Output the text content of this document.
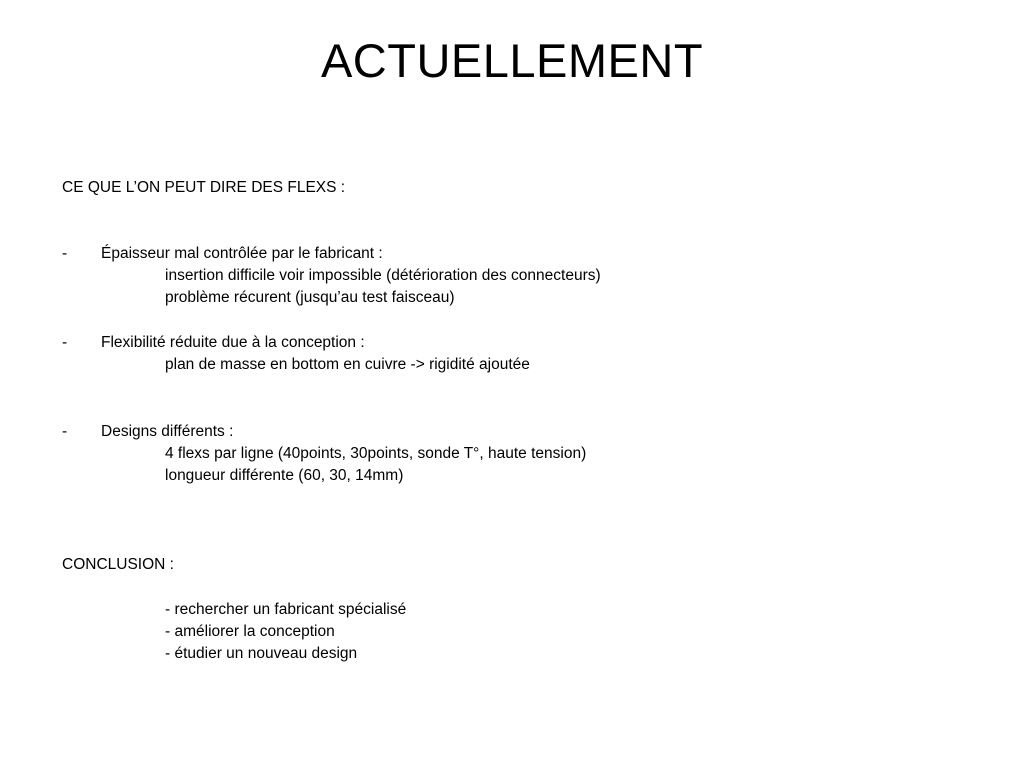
ACTUELLEMENT

CE QUE L’ON PEUT DIRE DES FLEXS :

- Épaisseur mal contrôlée par le fabricant :

insertion difficile voir impossible (détérioration des connecteurs)

problème récurent (jusqu’au test faisceau)

- Flexibilité réduite due à la conception :

plan de masse en bottom en cuivre -> rigidité ajoutée

- Designs différents :

4 flexs par ligne (40points, 30points, sonde T°, haute tension)

longueur différente (60, 30, 14mm)

CONCLUSION :

- rechercher un fabricant spécialisé

- améliorer la conception

- étudier un nouveau design
